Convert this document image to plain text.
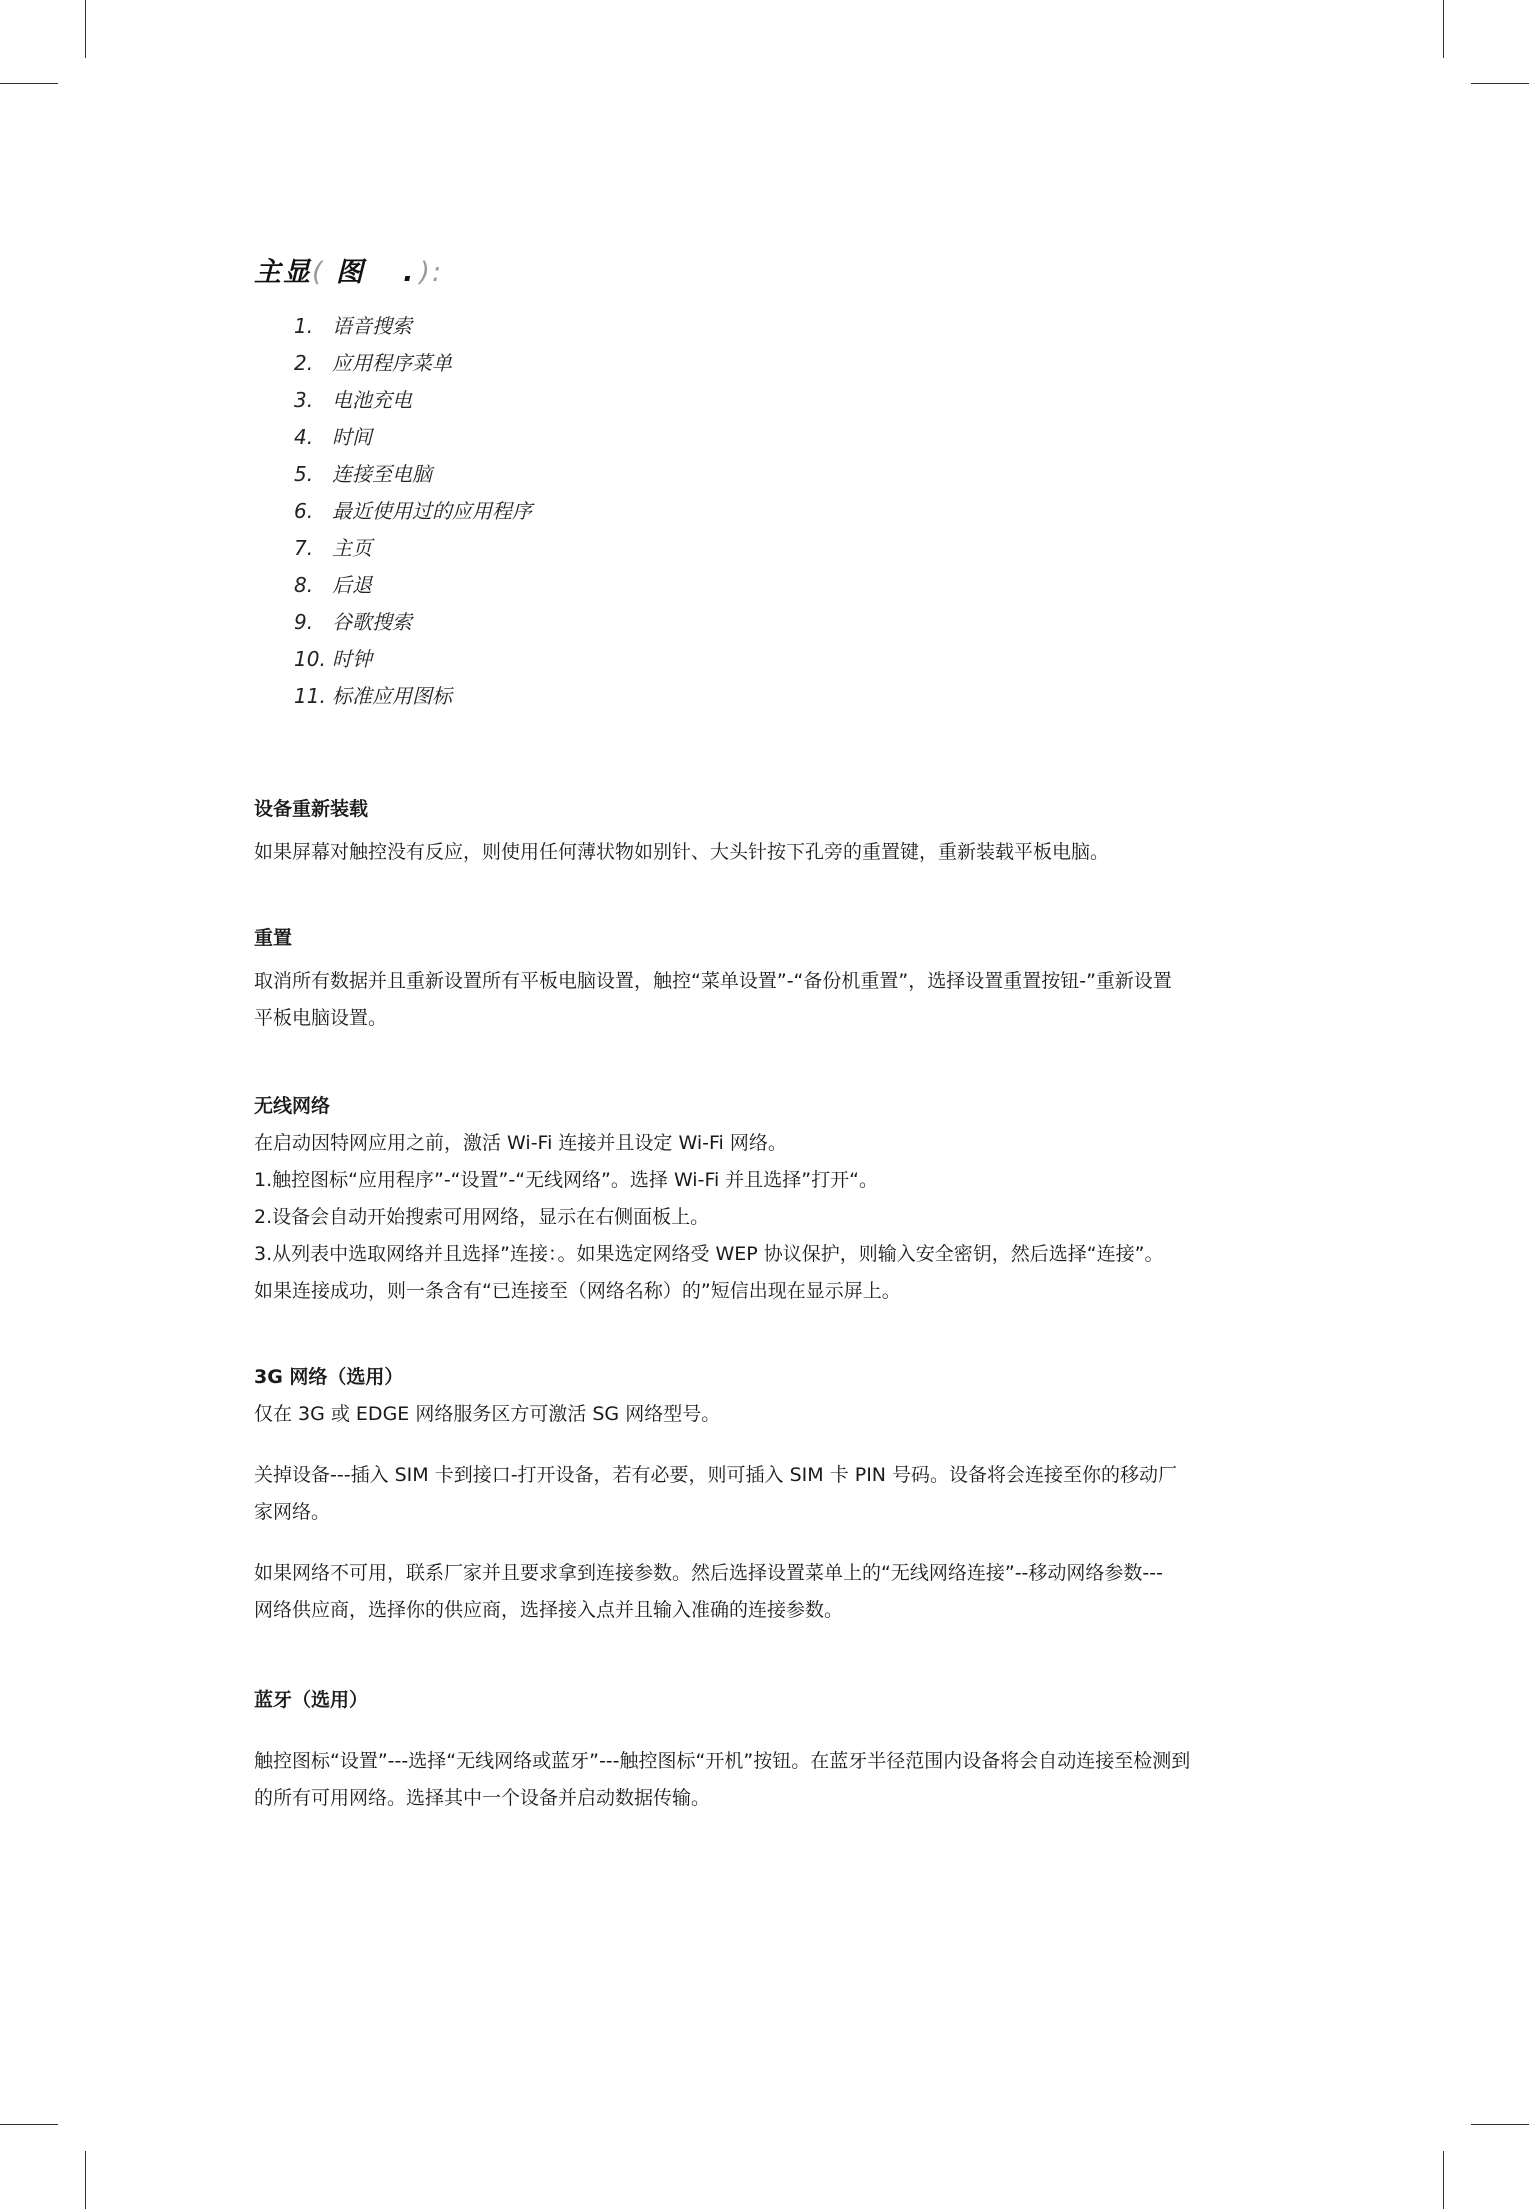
主显( 图 . ):
1. 语音搜索
2. 应用程序菜单
3. 电池充电
4. 时间
5. 连接至电脑
6. 最近使用过的应用程序
7. 主页
8. 后退
9. 谷歌搜索
10. 时钟
11. 标准应用图标

设备重新装载

如果屏幕对触控没有反应，则使用任何薄状物如别针、大头针按下孔旁的重置键，重新装载平板电脑。

重置

取消所有数据并且重新设置所有平板电脑设置，触控“菜单设置”-“备份机重置”，选择设置重置按钮-”重新设置

平板电脑设置。

无线网络

在启动因特网应用之前，激活 Wi-Fi 连接并且设定 Wi-Fi 网络。

1.触控图标“应用程序”-“设置”-“无线网络”。选择 Wi-Fi 并且选择”打开“。

2.设备会自动开始搜索可用网络，显示在右侧面板上。

3.从列表中选取网络并且选择”连接：。如果选定网络受 WEP 协议保护，则输入安全密钥，然后选择“连接”。

如果连接成功，则一条含有“已连接至（网络名称）的”短信出现在显示屏上。

3G 网络（选用）

仅在 3G 或 EDGE 网络服务区方可激活 SG 网络型号。

关掉设备---插入 SIM 卡到接口-打开设备，若有必要，则可插入 SIM 卡 PIN 号码。设备将会连接至你的移动厂

家网络。

如果网络不可用，联系厂家并且要求拿到连接参数。然后选择设置菜单上的“无线网络连接”--移动网络参数---

网络供应商，选择你的供应商，选择接入点并且输入准确的连接参数。

蓝牙（选用）

触控图标“设置”---选择“无线网络或蓝牙”---触控图标“开机”按钮。在蓝牙半径范围内设备将会自动连接至检测到

的所有可用网络。选择其中一个设备并启动数据传输。
